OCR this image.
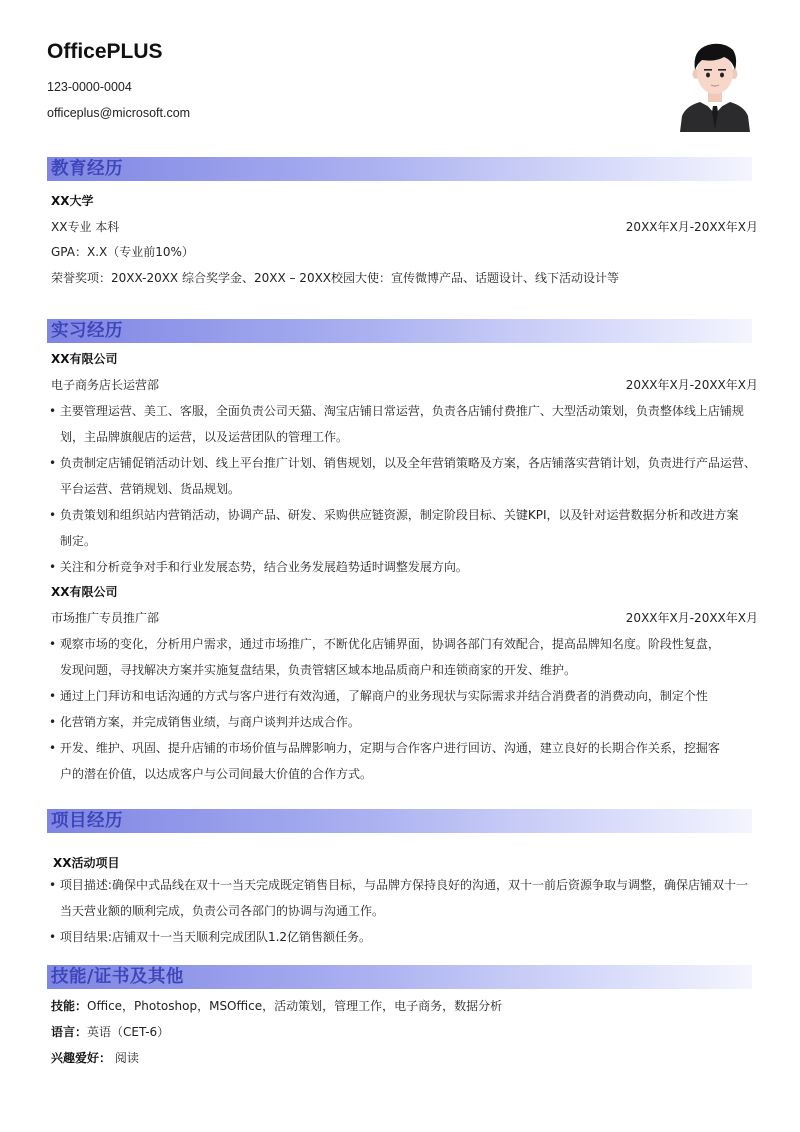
OfficePLUS
123-0000-0004
officeplus@microsoft.com
教育经历
XX大学
XX专业 本科	20XX年X月-20XX年X月
GPA：X.X（专业前10%）
荣誉奖项：20XX-20XX 综合奖学金、20XX – 20XX校园大使：宣传微博产品、话题设计、线下活动设计等
实习经历
XX有限公司
电子商务店长运营部	20XX年X月-20XX年X月
• 主要管理运营、美工、客服，全面负责公司天猫、淘宝店铺日常运营，负责各店铺付费推广、大型活动策划，负责整体线上店铺规
划，主品牌旗舰店的运营，以及运营团队的管理工作。
• 负责制定店铺促销活动计划、线上平台推广计划、销售规划，以及全年营销策略及方案，各店铺落实营销计划，负责进行产品运营、
平台运营、营销规划、货品规划。
• 负责策划和组织站内营销活动，协调产品、研发、采购供应链资源，制定阶段目标、关键KPI，以及针对运营数据分析和改进方案
制定。
• 关注和分析竞争对手和行业发展态势，结合业务发展趋势适时调整发展方向。
XX有限公司
市场推广专员推广部	20XX年X月-20XX年X月
• 观察市场的变化，分析用户需求，通过市场推广，不断优化店铺界面，协调各部门有效配合，提高品牌知名度。阶段性复盘，
发现问题，寻找解决方案并实施复盘结果，负责管辖区域本地品质商户和连锁商家的开发、维护。
• 通过上门拜访和电话沟通的方式与客户进行有效沟通，了解商户的业务现状与实际需求并结合消费者的消费动向，制定个性
• 化营销方案，并完成销售业绩，与商户谈判并达成合作。
• 开发、维护、巩固、提升店铺的市场价值与品牌影响力，定期与合作客户进行回访、沟通，建立良好的长期合作关系，挖掘客
户的潜在价值，以达成客户与公司间最大价值的合作方式。
项目经历
XX活动项目
• 项目描述:确保中式品线在双十一当天完成既定销售目标，与品牌方保持良好的沟通，双十一前后资源争取与调整，确保店铺双十一
当天营业额的顺利完成，负责公司各部门的协调与沟通工作。
• 项目结果:店铺双十一当天顺利完成团队1.2亿销售额任务。
技能/证书及其他
技能：Office，Photoshop，MSOffice，活动策划，管理工作，电子商务，数据分析
语言：英语（CET-6）
兴趣爱好： 阅读
